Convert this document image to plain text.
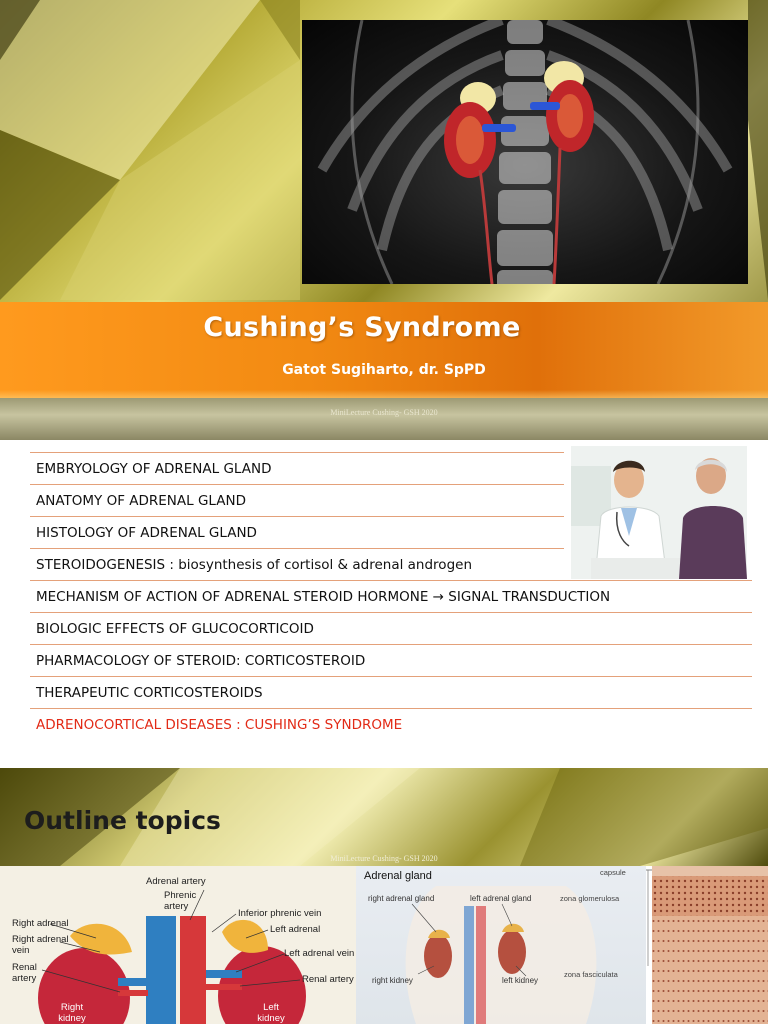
Cushing’s Syndrome
Gatot Sugiharto, dr. SpPD
MiniLecture Cushing- GSH 2020
EMBRYOLOGY OF ADRENAL GLAND
ANATOMY OF ADRENAL GLAND
HISTOLOGY OF ADRENAL GLAND
STEROIDOGENESIS : biosynthesis of cortisol & adrenal androgen
MECHANISM OF ACTION OF ADRENAL STEROID HORMONE → SIGNAL TRANSDUCTION
BIOLOGIC EFFECTS OF GLUCOCORTICOID
PHARMACOLOGY OF STEROID: CORTICOSTEROID
THERAPEUTIC CORTICOSTEROIDS
ADRENOCORTICAL DISEASES : CUSHING’S SYNDROME
Outline topics
MiniLecture Cushing- GSH 2020
Adrenal artery
Phrenic artery
Inferior phrenic vein
Left adrenal
Left adrenal vein
Renal artery
Left kidney
Right adrenal
Right adrenal vein
Renal artery
Right kidney
Adrenal gland
right adrenal gland	left adrenal gland
right kidney	left kidney
capsule
zona glomerulosa
zona fasciculata
